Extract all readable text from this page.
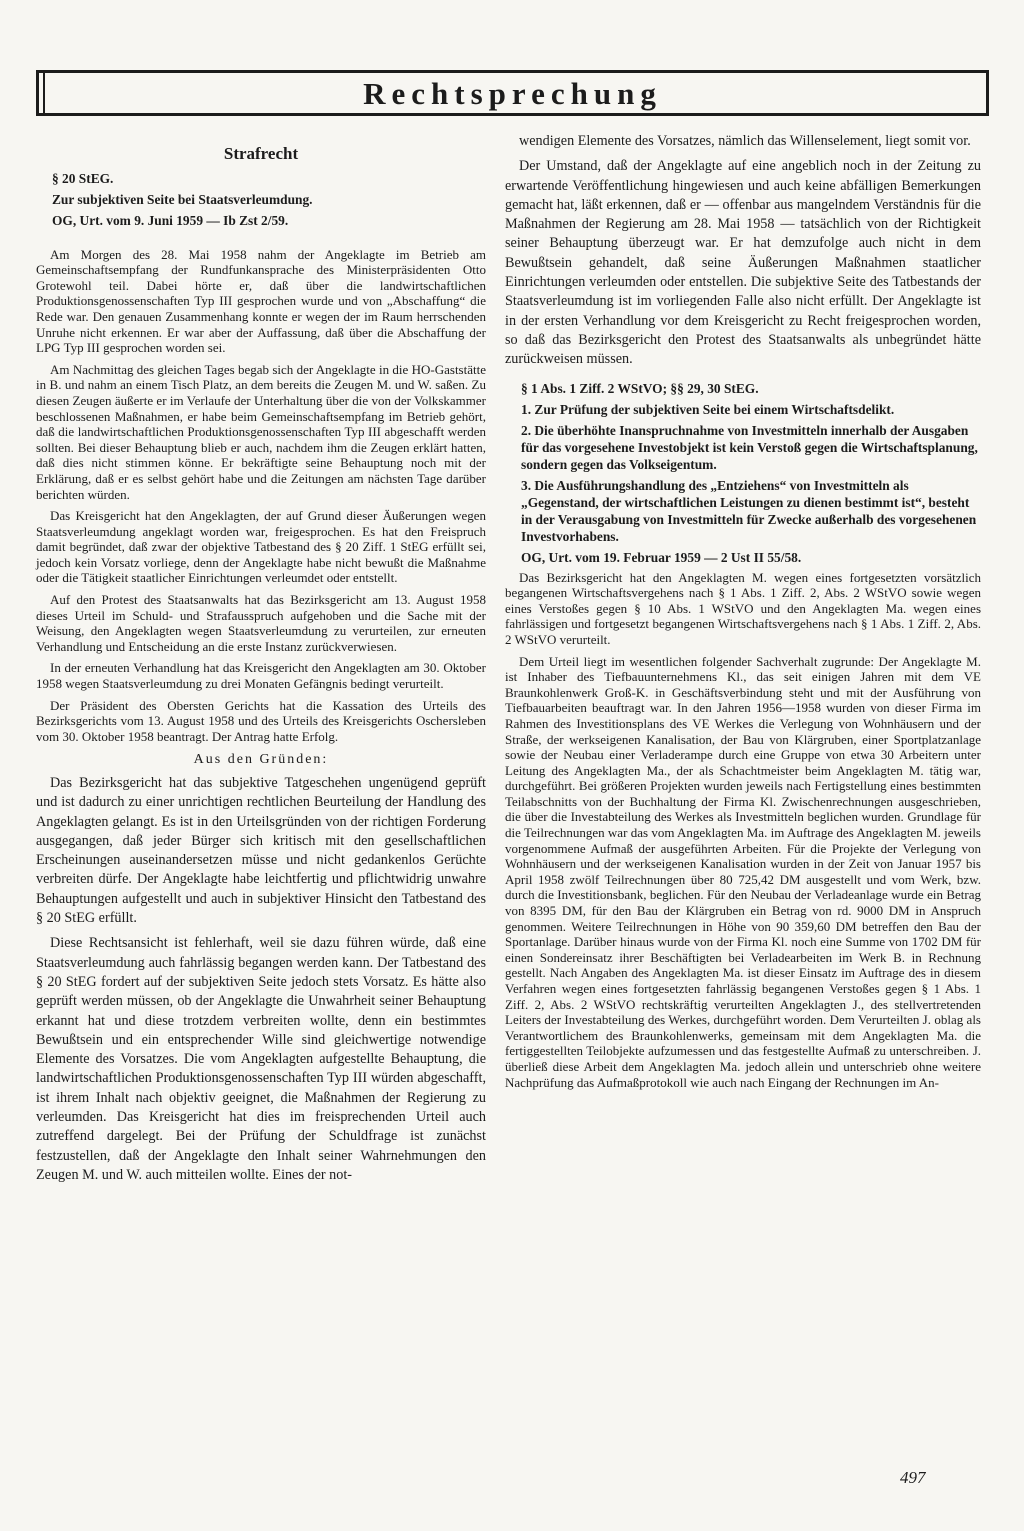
Rechtsprechung
Strafrecht
§ 20 StEG.
Zur subjektiven Seite bei Staatsverleumdung.
OG, Urt. vom 9. Juni 1959 — Ib Zst 2/59.

Am Morgen des 28. Mai 1958 nahm der Angeklagte im Betrieb am Gemeinschaftsempfang der Rundfunkansprache des Ministerpräsidenten Otto Grotewohl teil. Dabei hörte er, daß über die landwirtschaftlichen Produktionsgenossenschaften Typ III gesprochen wurde und von „Abschaffung“ die Rede war. Den genauen Zusammenhang konnte er wegen der im Raum herrschenden Unruhe nicht erkennen. Er war aber der Auffassung, daß über die Abschaffung der LPG Typ III gesprochen worden sei.

Am Nachmittag des gleichen Tages begab sich der Angeklagte in die HO-Gaststätte in B. und nahm an einem Tisch Platz, an dem bereits die Zeugen M. und W. saßen. Zu diesen Zeugen äußerte er im Verlaufe der Unterhaltung über die von der Volkskammer beschlossenen Maßnahmen, er habe beim Gemeinschaftsempfang im Betrieb gehört, daß die landwirtschaftlichen Produktionsgenossenschaften Typ III abgeschafft werden sollten. Bei dieser Behauptung blieb er auch, nachdem ihm die Zeugen erklärt hatten, daß dies nicht stimmen könne. Er bekräftigte seine Behauptung noch mit der Erklärung, daß er es selbst gehört habe und die Zeitungen am nächsten Tage darüber berichten würden.

Das Kreisgericht hat den Angeklagten, der auf Grund dieser Äußerungen wegen Staatsverleumdung angeklagt worden war, freigesprochen. Es hat den Freispruch damit begründet, daß zwar der objektive Tatbestand des § 20 Ziff. 1 StEG erfüllt sei, jedoch kein Vorsatz vorliege, denn der Angeklagte habe nicht bewußt die Maßnahme oder die Tätigkeit staatlicher Einrichtungen verleumdet oder entstellt.

Auf den Protest des Staatsanwalts hat das Bezirksgericht am 13. August 1958 dieses Urteil im Schuld- und Strafausspruch aufgehoben und die Sache mit der Weisung, den Angeklagten wegen Staatsverleumdung zu verurteilen, zur erneuten Verhandlung und Entscheidung an die erste Instanz zurückverwiesen.

In der erneuten Verhandlung hat das Kreisgericht den Angeklagten am 30. Oktober 1958 wegen Staatsverleumdung zu drei Monaten Gefängnis bedingt verurteilt.

Der Präsident des Obersten Gerichts hat die Kassation des Urteils des Bezirksgerichts vom 13. August 1958 und des Urteils des Kreisgerichts Oschersleben vom 30. Oktober 1958 beantragt. Der Antrag hatte Erfolg.

Aus den Gründen:

Das Bezirksgericht hat das subjektive Tatgeschehen ungenügend geprüft und ist dadurch zu einer unrichtigen rechtlichen Beurteilung der Handlung des Angeklagten gelangt. Es ist in den Urteilsgründen von der richtigen Forderung ausgegangen, daß jeder Bürger sich kritisch mit den gesellschaftlichen Erscheinungen auseinandersetzen müsse und nicht gedankenlos Gerüchte verbreiten dürfe. Der Angeklagte habe leichtfertig und pflichtwidrig unwahre Behauptungen aufgestellt und auch in subjektiver Hinsicht den Tatbestand des § 20 StEG erfüllt.

Diese Rechtsansicht ist fehlerhaft, weil sie dazu führen würde, daß eine Staatsverleumdung auch fahrlässig begangen werden kann. Der Tatbestand des § 20 StEG fordert auf der subjektiven Seite jedoch stets Vorsatz. Es hätte also geprüft werden müssen, ob der Angeklagte die Unwahrheit seiner Behauptung erkannt hat und diese trotzdem verbreiten wollte, denn ein bestimmtes Bewußtsein und ein entsprechender Wille sind gleichwertige notwendige Elemente des Vorsatzes. Die vom Angeklagten aufgestellte Behauptung, die landwirtschaftlichen Produktionsgenossenschaften Typ III würden abgeschafft, ist ihrem Inhalt nach objektiv geeignet, die Maßnahmen der Regierung zu verleumden. Das Kreisgericht hat dies im freisprechenden Urteil auch zutreffend dargelegt. Bei der Prüfung der Schuldfrage ist zunächst festzustellen, daß der Angeklagte den Inhalt seiner Wahrnehmungen den Zeugen M. und W. auch mitteilen wollte. Eines der not-

wendigen Elemente des Vorsatzes, nämlich das Willenselement, liegt somit vor.

Der Umstand, daß der Angeklagte auf eine angeblich noch in der Zeitung zu erwartende Veröffentlichung hingewiesen und auch keine abfälligen Bemerkungen gemacht hat, läßt erkennen, daß er — offenbar aus mangelndem Verständnis für die Maßnahmen der Regierung am 28. Mai 1958 — tatsächlich von der Richtigkeit seiner Behauptung überzeugt war. Er hat demzufolge auch nicht in dem Bewußtsein gehandelt, daß seine Äußerungen Maßnahmen staatlicher Einrichtungen verleumden oder entstellen. Die subjektive Seite des Tatbestands der Staatsverleumdung ist im vorliegenden Falle also nicht erfüllt. Der Angeklagte ist in der ersten Verhandlung vor dem Kreisgericht zu Recht freigesprochen worden, so daß das Bezirksgericht den Protest des Staatsanwalts als unbegründet hätte zurückweisen müssen.

§ 1 Abs. 1 Ziff. 2 WStVO; §§ 29, 30 StEG.
1. Zur Prüfung der subjektiven Seite bei einem Wirtschaftsdelikt.
2. Die überhöhte Inanspruchnahme von Investmitteln innerhalb der Ausgaben für das vorgesehene Investobjekt ist kein Verstoß gegen die Wirtschaftsplanung, sondern gegen das Volkseigentum.
3. Die Ausführungshandlung des „Entziehens“ von Investmitteln als „Gegenstand, der wirtschaftlichen Leistungen zu dienen bestimmt ist“, besteht in der Verausgabung von Investmitteln für Zwecke außerhalb des vorgesehenen Investvorhabens.
OG, Urt. vom 19. Februar 1959 — 2 Ust II 55/58.

Das Bezirksgericht hat den Angeklagten M. wegen eines fortgesetzten vorsätzlich begangenen Wirtschaftsvergehens nach § 1 Abs. 1 Ziff. 2, Abs. 2 WStVO sowie wegen eines Verstoßes gegen § 10 Abs. 1 WStVO und den Angeklagten Ma. wegen eines fahrlässigen und fortgesetzt begangenen Wirtschaftsvergehens nach § 1 Abs. 1 Ziff. 2, Abs. 2 WStVO verurteilt.

Dem Urteil liegt im wesentlichen folgender Sachverhalt zugrunde: Der Angeklagte M. ist Inhaber des Tiefbauunternehmens Kl., das seit einigen Jahren mit dem VE Braunkohlenwerk Groß-K. in Geschäftsverbindung steht und mit der Ausführung von Tiefbauarbeiten beauftragt war. In den Jahren 1956—1958 wurden von dieser Firma im Rahmen des Investitionsplans des VE Werkes die Verlegung von Wohnhäusern und der Straße, der werkseigenen Kanalisation, der Bau von Klärgruben, einer Sportplatzanlage sowie der Neubau einer Verladerampe durch eine Gruppe von etwa 30 Arbeitern unter Leitung des Angeklagten Ma., der als Schachtmeister beim Angeklagten M. tätig war, durchgeführt. Bei größeren Projekten wurden jeweils nach Fertigstellung eines bestimmten Teilabschnitts von der Buchhaltung der Firma Kl. Zwischenrechnungen ausgeschrieben, die über die Investabteilung des Werkes als Investmitteln beglichen wurden. Grundlage für die Teilrechnungen war das vom Angeklagten Ma. im Auftrage des Angeklagten M. jeweils vorgenommene Aufmaß der ausgeführten Arbeiten. Für die Projekte der Verlegung von Wohnhäusern und der werkseigenen Kanalisation wurden in der Zeit von Januar 1957 bis April 1958 zwölf Teilrechnungen über 80 725,42 DM ausgestellt und vom Werk, bzw. durch die Investitionsbank, beglichen. Für den Neubau der Verladeanlage wurde ein Betrag von 8395 DM, für den Bau der Klärgruben ein Betrag von rd. 9000 DM in Anspruch genommen. Weitere Teilrechnungen in Höhe von 90 359,60 DM betreffen den Bau der Sportanlage. Darüber hinaus wurde von der Firma Kl. noch eine Summe von 1702 DM für einen Sondereinsatz ihrer Beschäftigten bei Verladearbeiten im Werk B. in Rechnung gestellt. Nach Angaben des Angeklagten Ma. ist dieser Einsatz im Auftrage des in diesem Verfahren wegen eines fortgesetzten fahrlässig begangenen Verstoßes gegen § 1 Abs. 1 Ziff. 2, Abs. 2 WStVO rechtskräftig verurteilten Angeklagten J., des stellvertretenden Leiters der Investabteilung des Werkes, durchgeführt worden. Dem Verurteilten J. oblag als Verantwortlichem des Braunkohlenwerks, gemeinsam mit dem Angeklagten Ma. die fertiggestellten Teilobjekte aufzumessen und das festgestellte Aufmaß zu unterschreiben. J. überließ diese Arbeit dem Angeklagten Ma. jedoch allein und unterschrieb ohne weitere Nachprüfung das Aufmaßprotokoll wie auch nach Eingang der Rechnungen im An-

497
